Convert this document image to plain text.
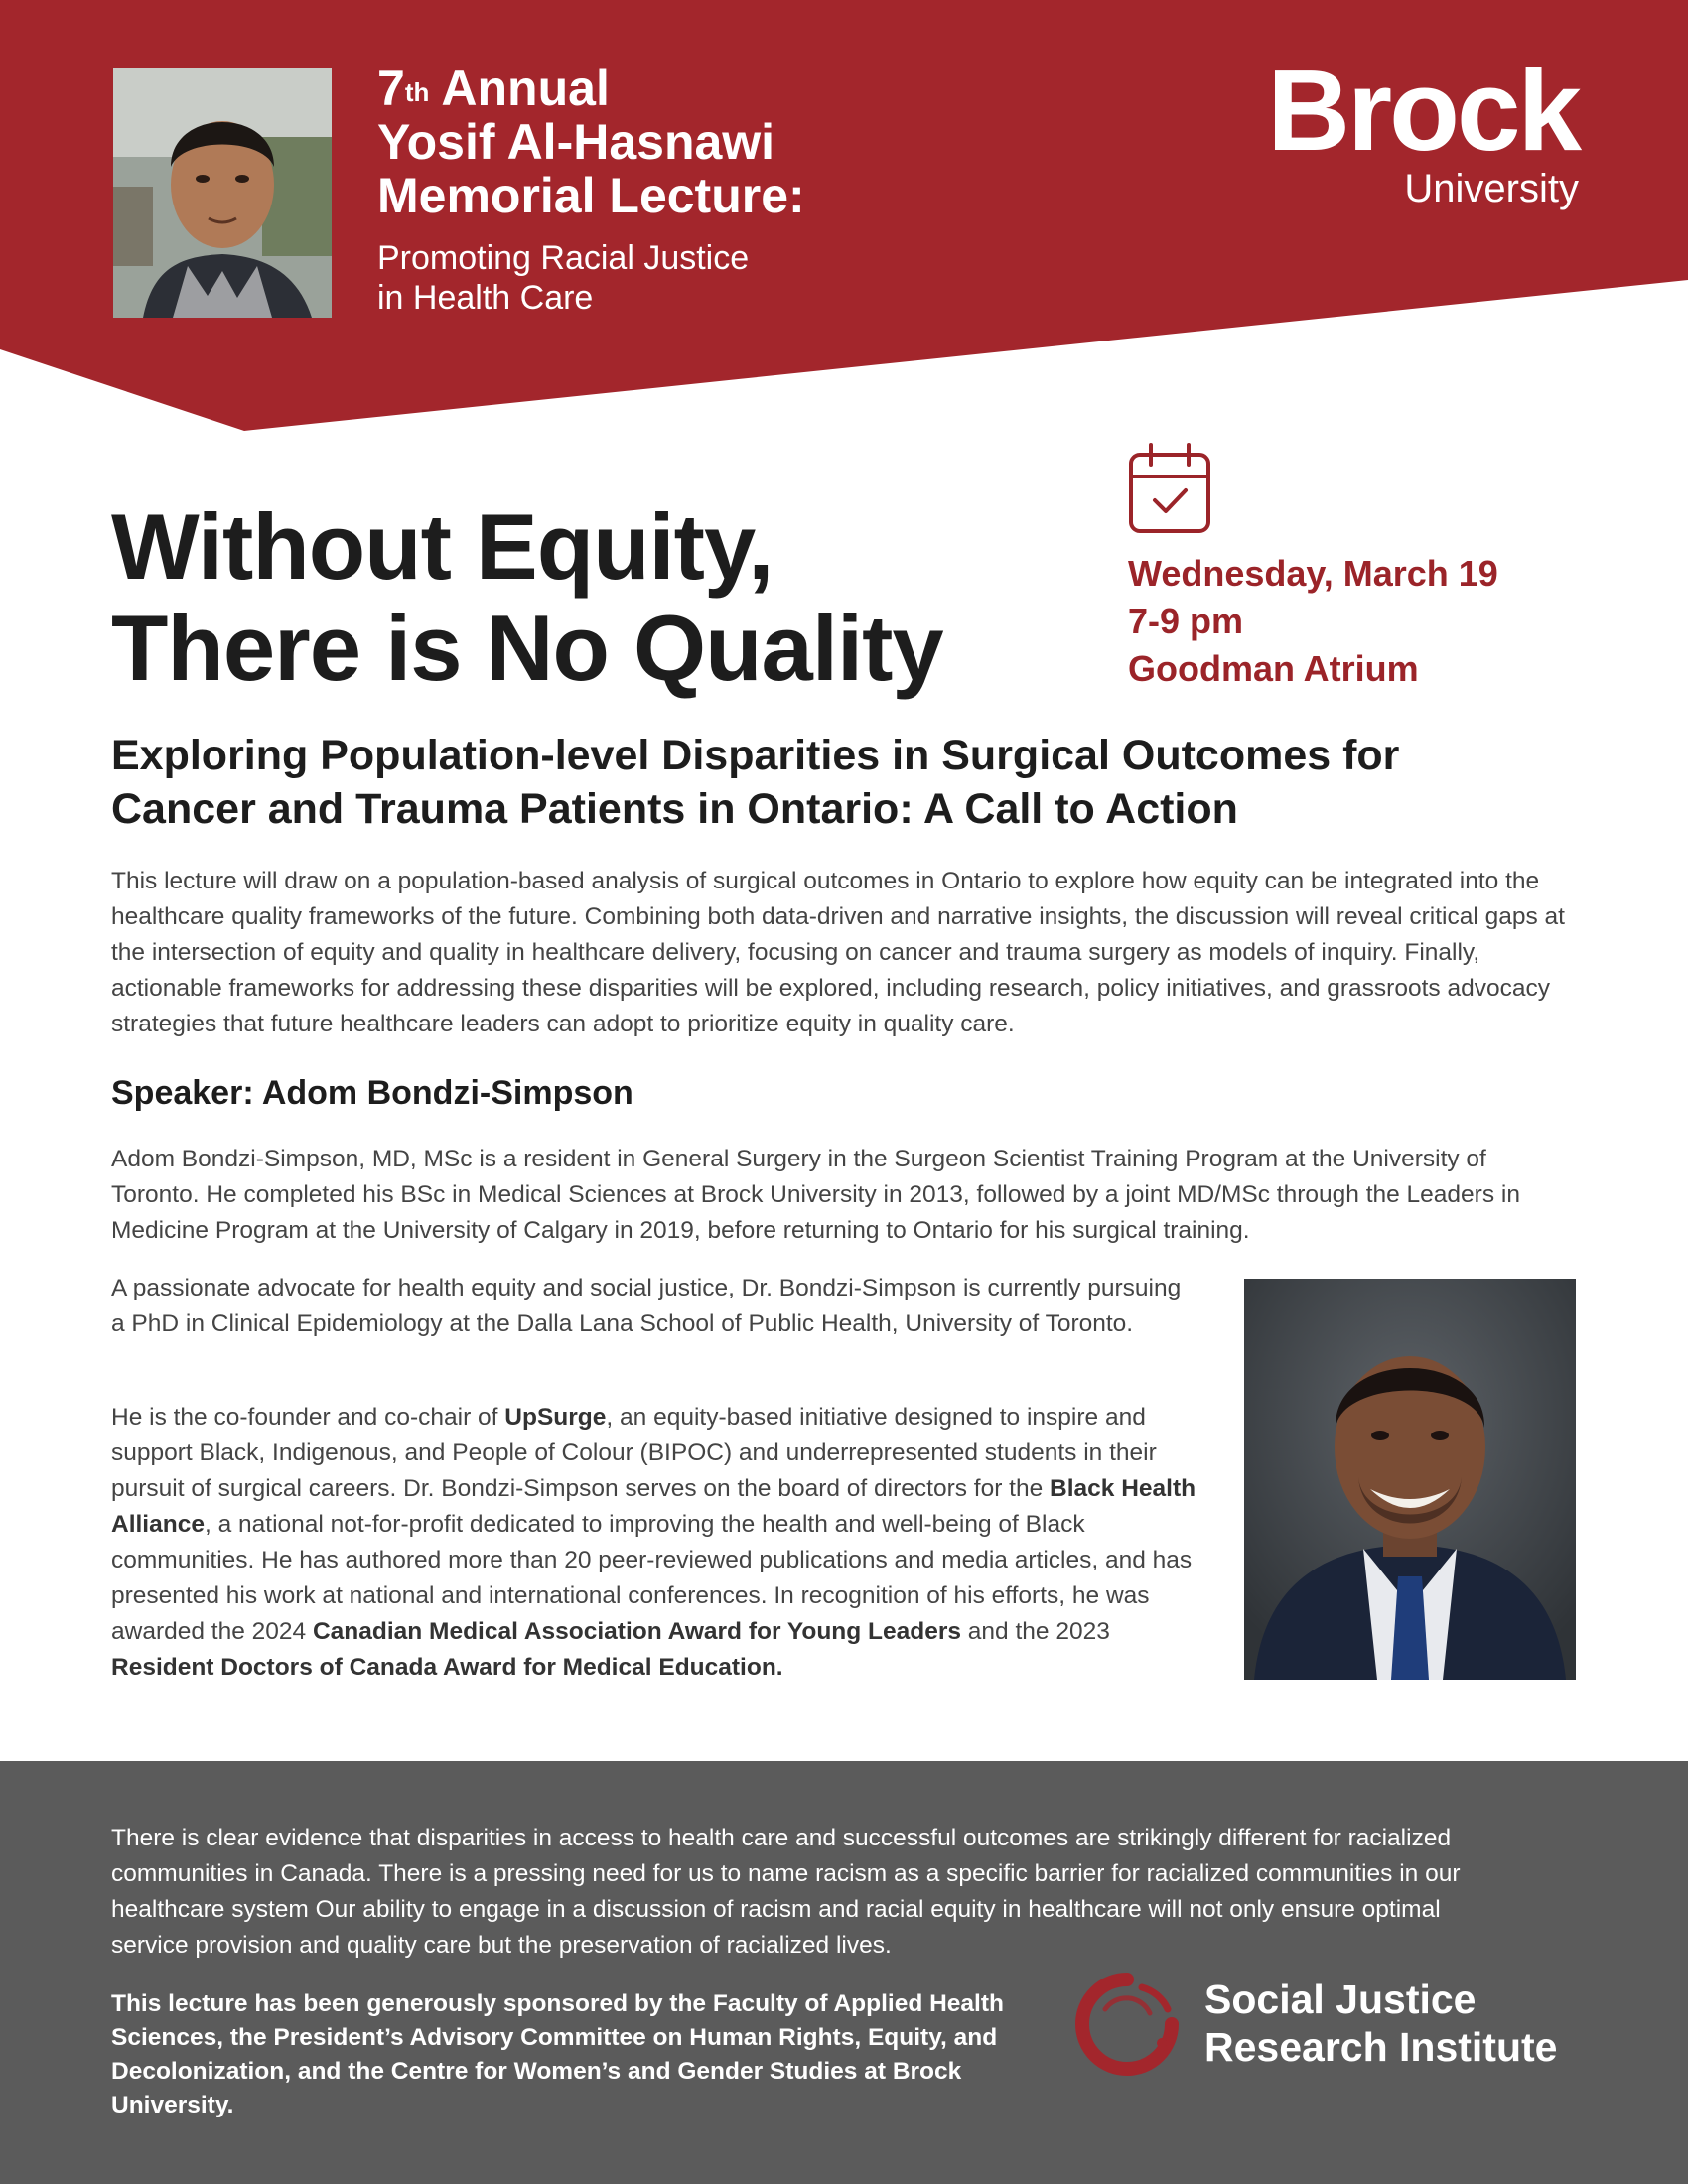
7th Annual
Yosif Al-Hasnawi
Memorial Lecture:
Promoting Racial Justice
in Health Care
Brock
University
Without Equity,
There is No Quality
Wednesday, March 19
7-9 pm
Goodman Atrium
Exploring Population-level Disparities in Surgical Outcomes for
Cancer and Trauma Patients in Ontario: A Call to Action

This lecture will draw on a population-based analysis of surgical outcomes in Ontario to explore how equity can be integrated into the healthcare quality frameworks of the future. Combining both data-driven and narrative insights, the discussion will reveal critical gaps at the intersection of equity and quality in healthcare delivery, focusing on cancer and trauma surgery as models of inquiry. Finally, actionable frameworks for addressing these disparities will be explored, including research, policy initiatives, and grassroots advocacy strategies that future healthcare leaders can adopt to prioritize equity in quality care.

Speaker: Adom Bondzi-Simpson

Adom Bondzi-Simpson, MD, MSc is a resident in General Surgery in the Surgeon Scientist Training Program at the University of Toronto. He completed his BSc in Medical Sciences at Brock University in 2013, followed by a joint MD/MSc through the Leaders in Medicine Program at the University of Calgary in 2019, before returning to Ontario for his surgical training.

A passionate advocate for health equity and social justice, Dr. Bondzi-Simpson is currently pursuing a PhD in Clinical Epidemiology at the Dalla Lana School of Public Health, University of Toronto.

He is the co-founder and co-chair of UpSurge, an equity-based initiative designed to inspire and support Black, Indigenous, and People of Colour (BIPOC) and underrepresented students in their pursuit of surgical careers. Dr. Bondzi-Simpson serves on the board of directors for the Black Health Alliance, a national not-for-profit dedicated to improving the health and well-being of Black communities. He has authored more than 20 peer-reviewed publications and media articles, and has presented his work at national and international conferences. In recognition of his efforts, he was awarded the 2024 Canadian Medical Association Award for Young Leaders and the 2023 Resident Doctors of Canada Award for Medical Education.

There is clear evidence that disparities in access to health care and successful outcomes are strikingly different for racialized communities in Canada. There is a pressing need for us to name racism as a specific barrier for racialized communities in our healthcare system Our ability to engage in a discussion of racism and racial equity in healthcare will not only ensure optimal service provision and quality care but the preservation of racialized lives.

This lecture has been generously sponsored by the Faculty of Applied Health Sciences, the President’s Advisory Committee on Human Rights, Equity, and Decolonization, and the Centre for Women’s and Gender Studies at Brock University.

Social Justice
Research Institute
